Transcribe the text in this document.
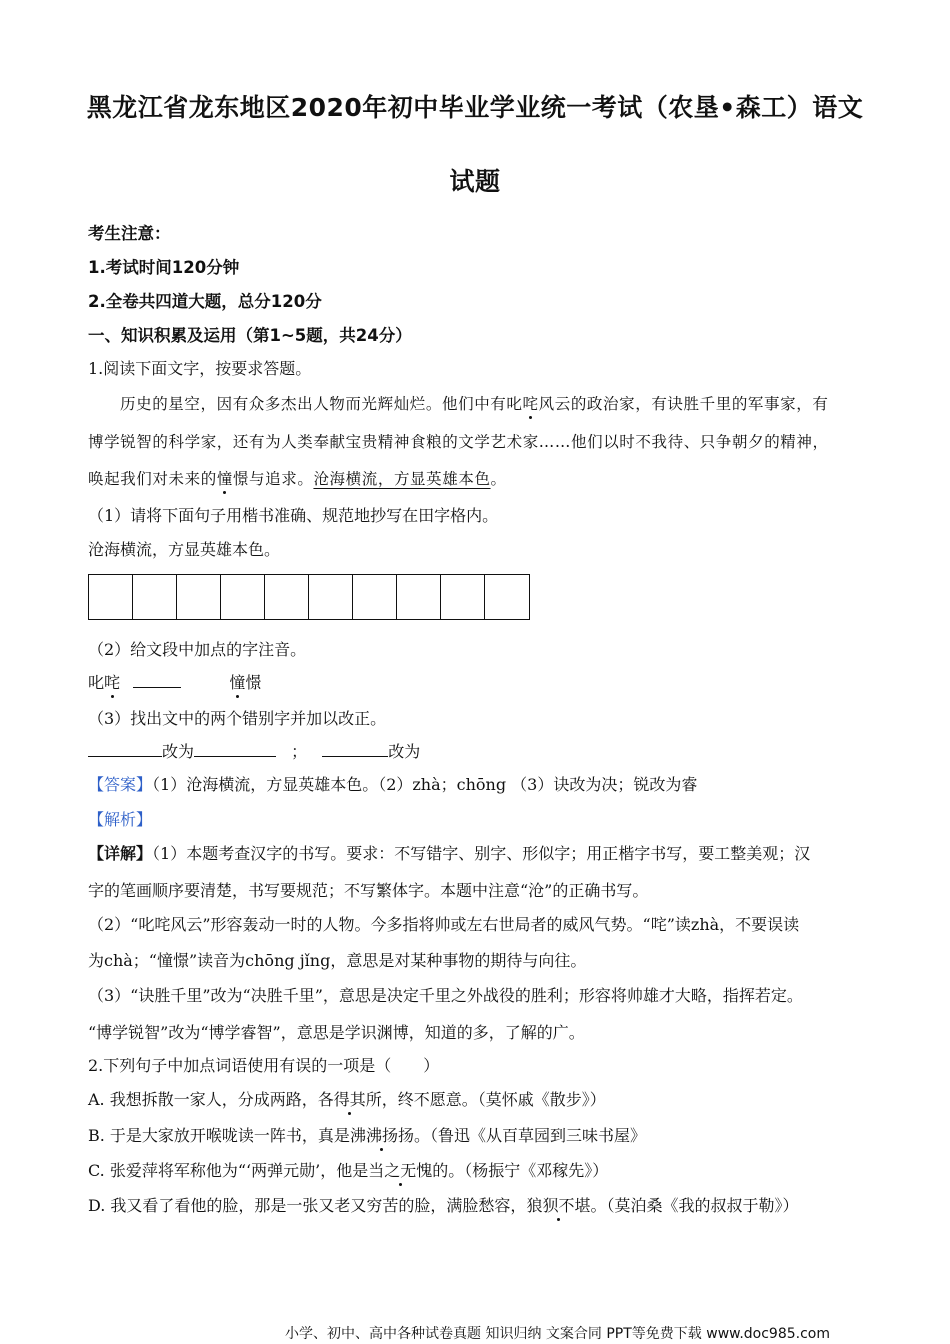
黑龙江省龙东地区2020年初中毕业学业统一考试（农垦•森工）语文
试题
考生注意：
1.考试时间120分钟
2.全卷共四道大题，总分120分
一、知识积累及运用（第1~5题，共24分）
1.阅读下面文字，按要求答题。
历史的星空，因有众多杰出人物而光辉灿烂。他们中有叱咤风云的政治家，有诀胜千里的军事家，有
博学锐智的科学家，还有为人类奉献宝贵精神食粮的文学艺术家……他们以时不我待、只争朝夕的精神，
唤起我们对未来的憧憬与追求。沧海横流，方显英雄本色。
（1）请将下面句子用楷书准确、规范地抄写在田字格内。
沧海横流，方显英雄本色。
（2）给文段中加点的字注音。
叱咤	憧憬
（3）找出文中的两个错别字并加以改正。
改为	；	改为
【答案】（1）沧海横流，方显英雄本色。（2）zhà；chōng （3）诀改为决；锐改为睿
【解析】
【详解】（1）本题考查汉字的书写。要求：不写错字、别字、形似字；用正楷字书写，要工整美观；汉
字的笔画顺序要清楚，书写要规范；不写繁体字。本题中注意“沧”的正确书写。
（2）“叱咤风云”形容轰动一时的人物。今多指将帅或左右世局者的威风气势。“咤”读zhà，不要误读
为chà；“憧憬”读音为chōng jǐng，意思是对某种事物的期待与向往。
（3）“诀胜千里”改为“决胜千里”，意思是决定千里之外战役的胜利；形容将帅雄才大略，指挥若定。
“博学锐智”改为“博学睿智”，意思是学识渊博，知道的多，了解的广。
2.下列句子中加点词语使用有误的一项是（　　）
A. 我想拆散一家人，分成两路，各得其所，终不愿意。（莫怀戚《散步》）
B. 于是大家放开喉咙读一阵书，真是沸沸扬扬。（鲁迅《从百草园到三味书屋》
C. 张爱萍将军称他为“‘两弹元勋’，他是当之无愧的。（杨振宁《邓稼先》）
D. 我又看了看他的脸，那是一张又老又穷苦的脸，满脸愁容，狼狈不堪。（莫泊桑《我的叔叔于勒》）
小学、初中、高中各种试卷真题 知识归纳 文案合同 PPT等免费下载 www.doc985.com
